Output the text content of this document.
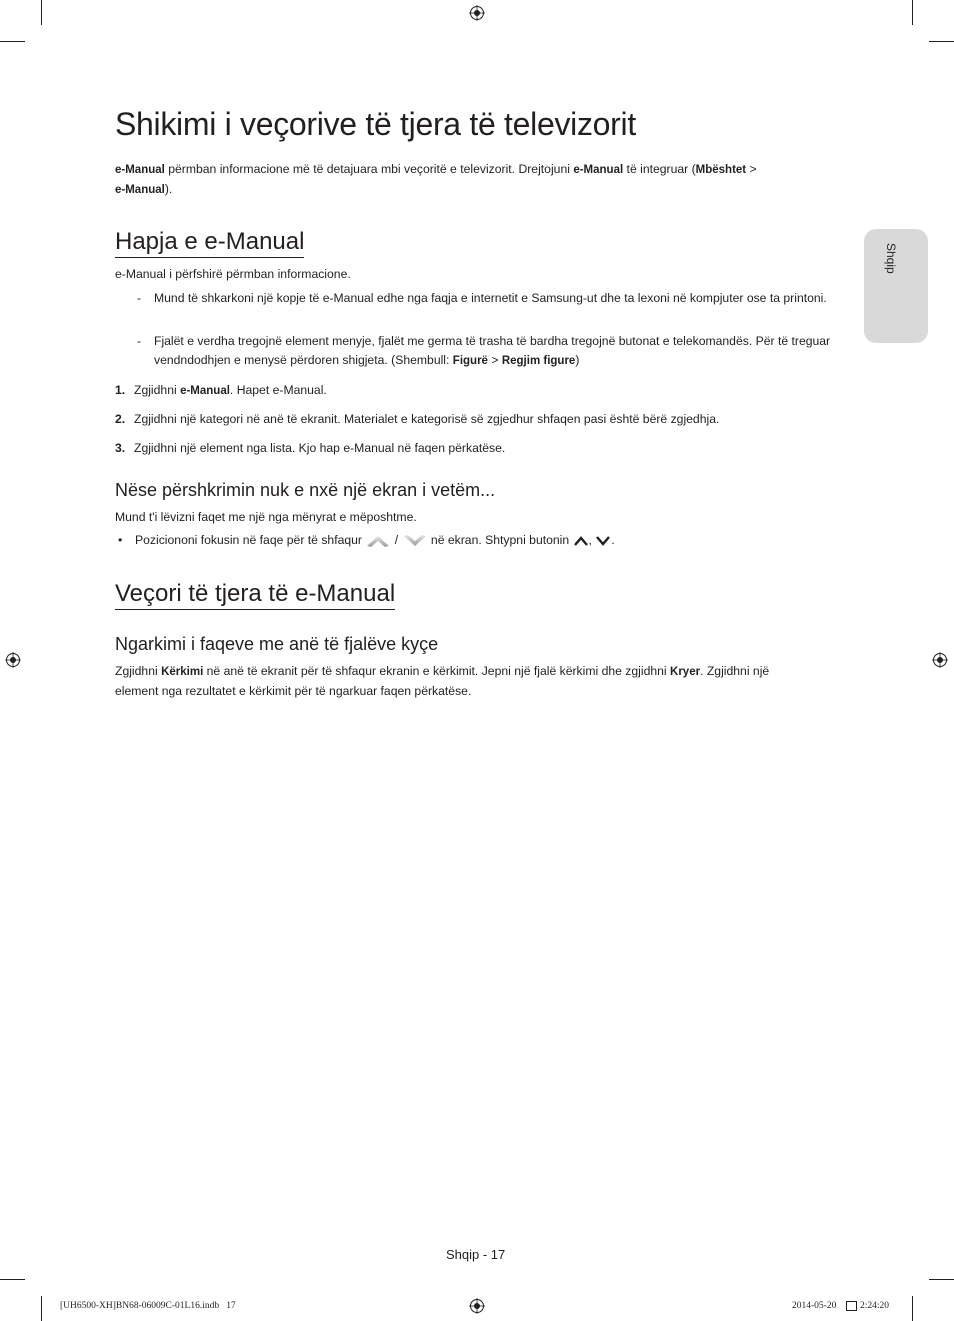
Shikimi i veçorive të tjera të televizorit
e-Manual përmban informacione më të detajuara mbi veçoritë e televizorit. Drejtojuni e-Manual të integruar (Mbështet >
e-Manual).
Shqip
Hapja e e-Manual
e-Manual i përfshirë përmban informacione.
- Mund të shkarkoni një kopje të e-Manual edhe nga faqja e internetit e Samsung-ut dhe ta lexoni në kompjuter ose ta printoni.
- Fjalët e verdha tregojnë element menyje, fjalët me germa të trasha të bardha tregojnë butonat e telekomandës. Për të treguar vendndodhjen e menysë përdoren shigjeta. (Shembull: Figurë > Regjim figure)
1. Zgjidhni e-Manual. Hapet e-Manual.
2. Zgjidhni një kategori në anë të ekranit. Materialet e kategorisë së zgjedhur shfaqen pasi është bërë zgjedhja.
3. Zgjidhni një element nga lista. Kjo hap e-Manual në faqen përkatëse.
Nëse përshkrimin nuk e nxë një ekran i vetëm...
Mund t'i lëvizni faqet me një nga mënyrat e mëposhtme.
• Poziciononi fokusin në faqe për të shfaqur	/	në ekran. Shtypni butonin , .
Veçori të tjera të e-Manual
Ngarkimi i faqeve me anë të fjalëve kyçe
Zgjidhni Kërkimi në anë të ekranit për të shfaqur ekranin e kërkimit. Jepni një fjalë kërkimi dhe zgjidhni Kryer. Zgjidhni një element nga rezultatet e kërkimit për të ngarkuar faqen përkatëse.
Shqip - 17
[UH6500-XH]BN68-06009C-01L16.indb   17	2014-05-20 2:24:20
